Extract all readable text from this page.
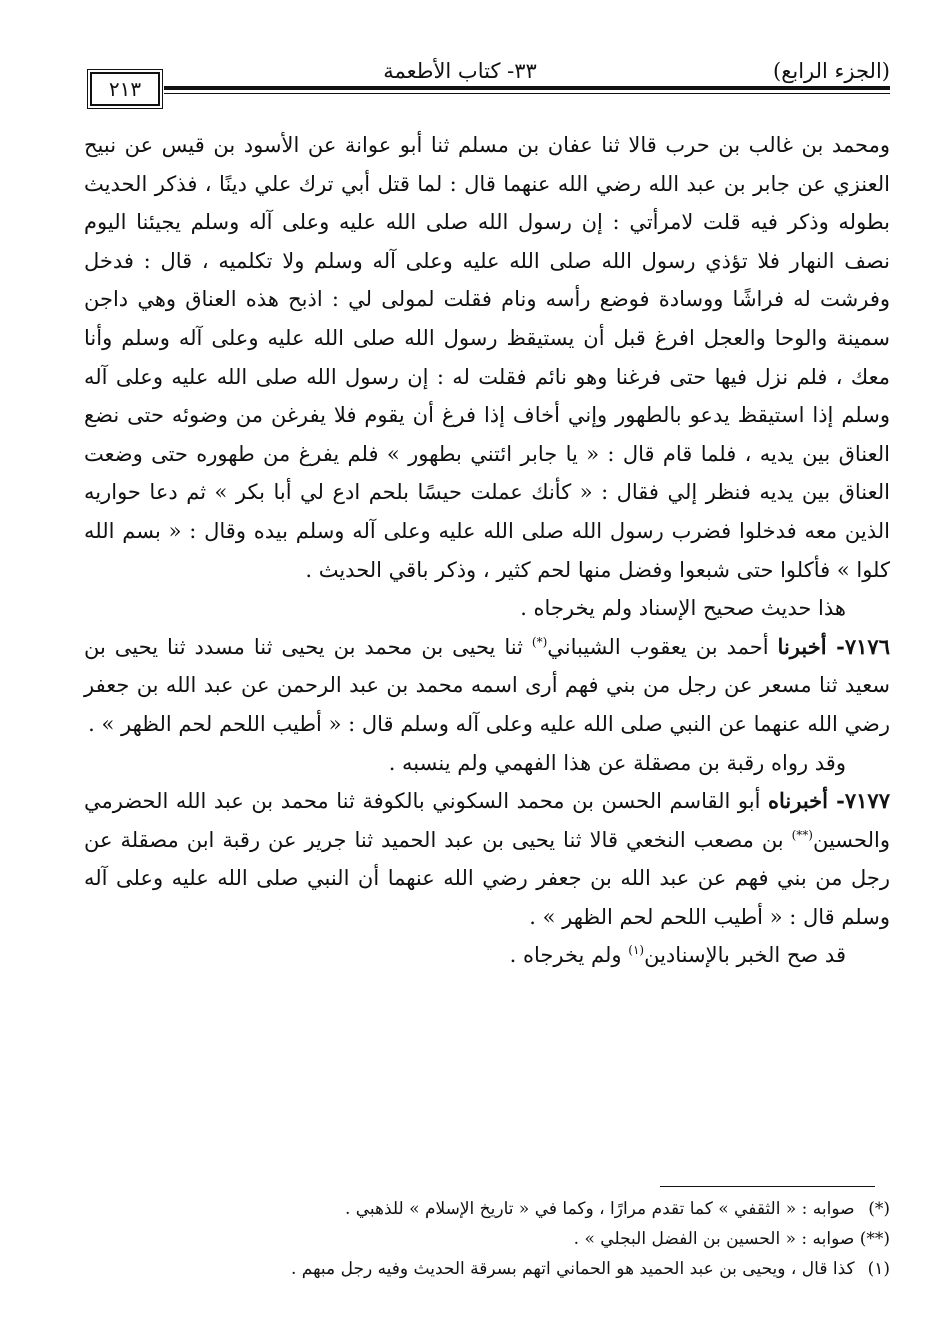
٢١٣
٣٣- كتاب الأطعمة	(الجزء الرابع)

ومحمد بن غالب بن حرب قالا ثنا عفان بن مسلم ثنا أبو عوانة عن الأسود بن قيس عن نبيح العنزي عن جابر بن عبد الله رضي الله عنهما قال : لما قتل أبي ترك علي دينًا ، فذكر الحديث بطوله وذكر فيه قلت لامرأتي : إن رسول الله صلى الله عليه وعلى آله وسلم يجيئنا اليوم نصف النهار فلا تؤذي رسول الله صلى الله عليه وعلى آله وسلم ولا تكلميه ، قال : فدخل وفرشت له فراشًا ووسادة فوضع رأسه ونام فقلت لمولى لي : اذبح هذه العناق وهي داجن سمينة والوحا والعجل افرغ قبل أن يستيقظ رسول الله صلى الله عليه وعلى آله وسلم وأنا معك ، فلم نزل فيها حتى فرغنا وهو نائم فقلت له : إن رسول الله صلى الله عليه وعلى آله وسلم إذا استيقظ يدعو بالطهور وإني أخاف إذا فرغ أن يقوم فلا يفرغن من وضوئه حتى نضع العناق بين يديه ، فلما قام قال : « يا جابر ائتني بطهور » فلم يفرغ من طهوره حتى وضعت العناق بين يديه فنظر إلي فقال : « كأنك عملت حيسًا بلحم ادع لي أبا بكر » ثم دعا حواريه الذين معه فدخلوا فضرب رسول الله صلى الله عليه وعلى آله وسلم بيده وقال : « بسم الله كلوا » فأكلوا حتى شبعوا وفضل منها لحم كثير ، وذكر باقي الحديث .

هذا حديث صحيح الإسناد ولم يخرجاه .

٧١٧٦- أخبرنا أحمد بن يعقوب الشيباني(*) ثنا يحيى بن محمد بن يحيى ثنا مسدد ثنا يحيى بن سعيد ثنا مسعر عن رجل من بني فهم أرى اسمه محمد بن عبد الرحمن عن عبد الله بن جعفر رضي الله عنهما عن النبي صلى الله عليه وعلى آله وسلم قال : « أطيب اللحم لحم الظهر » .

وقد رواه رقبة بن مصقلة عن هذا الفهمي ولم ينسبه .

٧١٧٧- أخبرناه أبو القاسم الحسن بن محمد السكوني بالكوفة ثنا محمد بن عبد الله الحضرمي والحسين(**) بن مصعب النخعي قالا ثنا يحيى بن عبد الحميد ثنا جرير عن رقبة ابن مصقلة عن رجل من بني فهم عن عبد الله بن جعفر رضي الله عنهما أن النبي صلى الله عليه وعلى آله وسلم قال : « أطيب اللحم لحم الظهر » .

قد صح الخبر بالإسنادين$^{(١)}$ ولم يخرجاه .

(*) صوابه : « الثقفي » كما تقدم مرارًا ، وكما في « تاريخ الإسلام » للذهبي .

(**) صوابه : « الحسين بن الفضل البجلي » .

(١) كذا قال ، ويحيى بن عبد الحميد هو الحماني اتهم بسرقة الحديث وفيه رجل مبهم .
